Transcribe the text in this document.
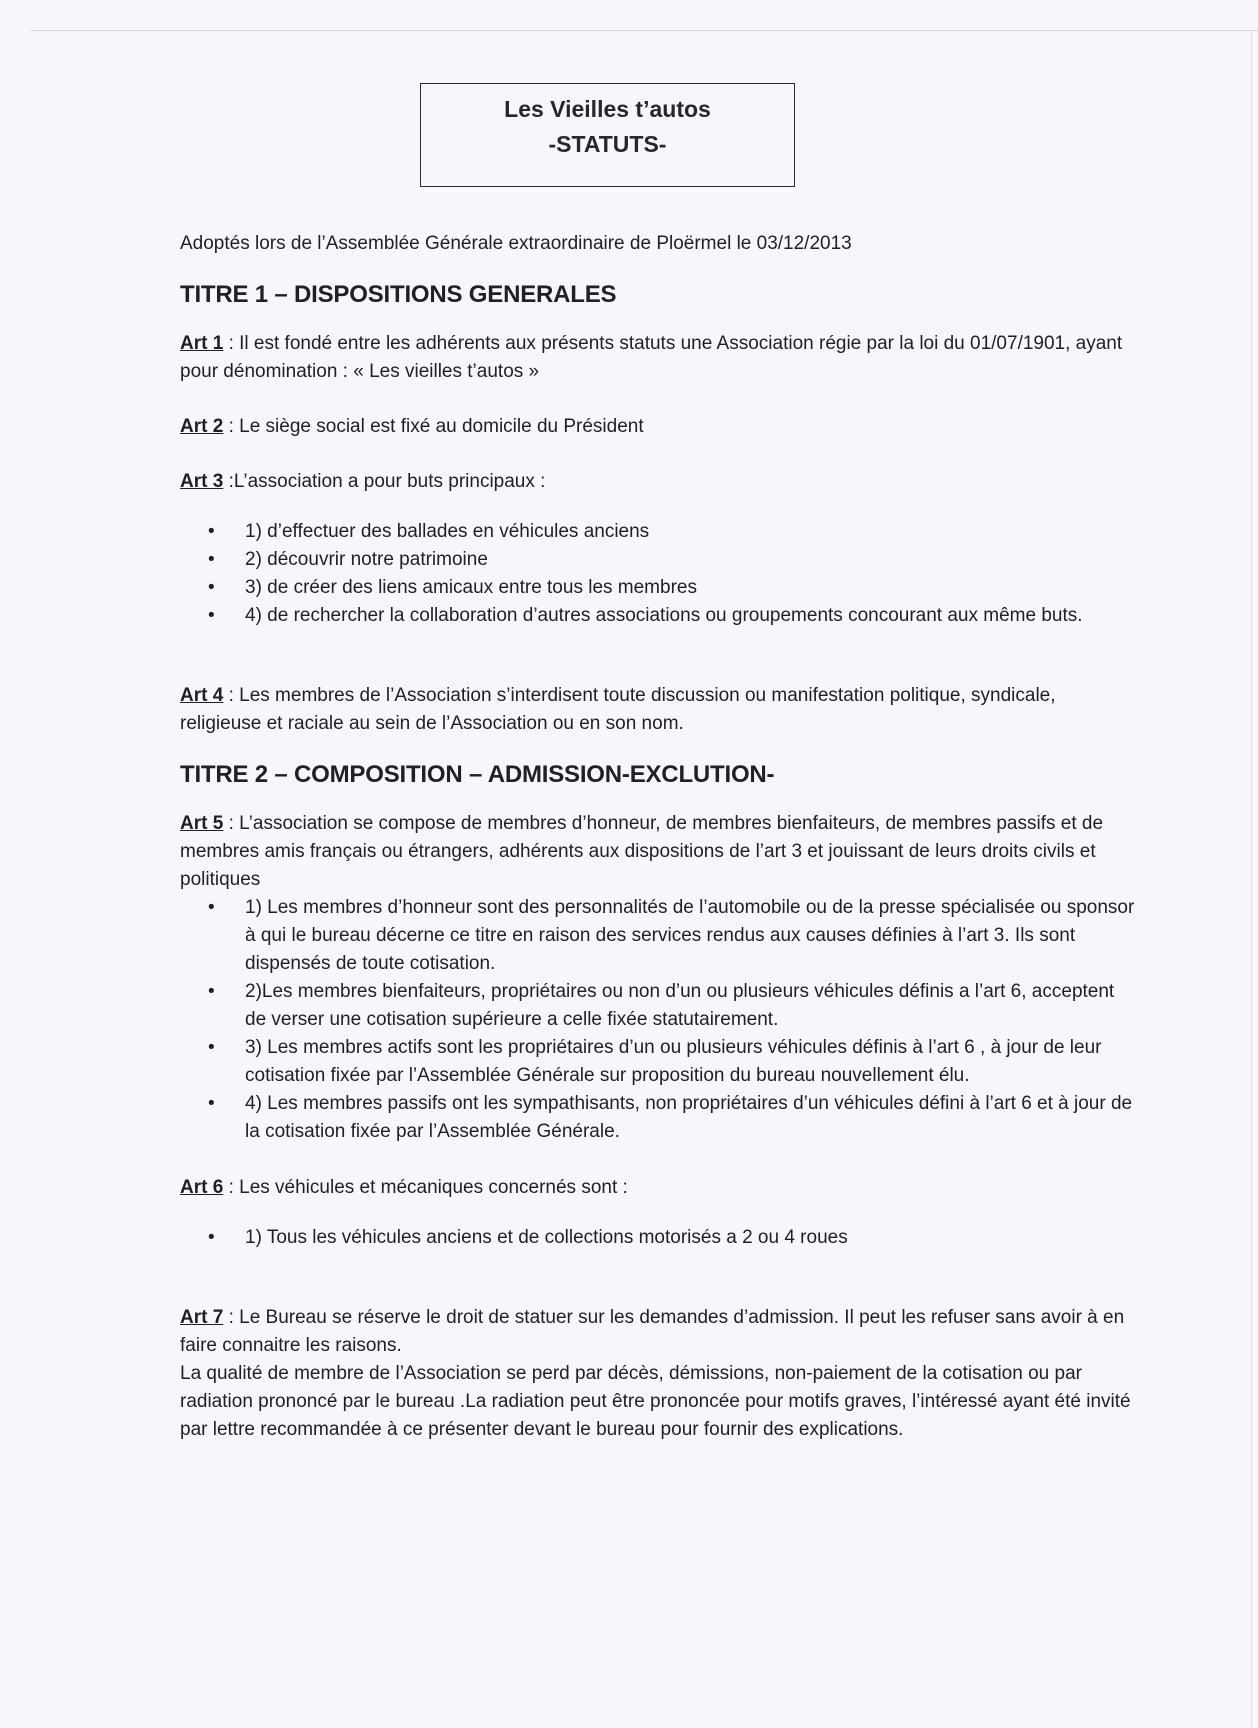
Les Vieilles t’autos
-STATUTS-

Adoptés lors de l’Assemblée Générale extraordinaire de Ploërmel le 03/12/2013

TITRE 1 – DISPOSITIONS GENERALES

Art 1 : Il est fondé entre les adhérents aux présents statuts une Association régie par la loi du 01/07/1901, ayant pour dénomination : « Les vieilles t’autos »

Art 2 : Le siège social est fixé au domicile du Président

Art 3 :L’association a pour buts principaux :

• 1) d’effectuer des ballades en véhicules anciens
• 2) découvrir notre patrimoine
• 3) de créer des liens amicaux entre tous les membres
• 4) de rechercher la collaboration d’autres associations ou groupements concourant aux même buts.

Art 4 : Les membres de l’Association s’interdisent toute discussion ou manifestation politique, syndicale, religieuse et raciale au sein de l’Association ou en son nom.

TITRE 2 – COMPOSITION – ADMISSION-EXCLUTION-

Art 5 : L’association se compose de membres d’honneur, de membres bienfaiteurs, de membres passifs et de membres amis français ou étrangers, adhérents aux dispositions de l’art 3 et jouissant de leurs droits civils et politiques

• 1) Les membres d’honneur sont des personnalités de l’automobile ou de la presse spécialisée ou sponsor à qui le bureau décerne ce titre en raison des services rendus aux causes définies à l’art 3. Ils sont dispensés de toute cotisation.
• 2)Les membres bienfaiteurs, propriétaires ou non d’un ou plusieurs véhicules définis a l’art 6, acceptent de verser une cotisation supérieure a celle fixée statutairement.
• 3) Les membres actifs sont les propriétaires d’un ou plusieurs véhicules définis à l’art 6 , à jour de leur cotisation fixée par l’Assemblée Générale sur proposition du bureau nouvellement élu.
• 4) Les membres passifs ont les sympathisants, non propriétaires d’un véhicules défini à l’art 6 et à jour de la cotisation fixée par l’Assemblée Générale.

Art 6 : Les véhicules et mécaniques concernés sont :

• 1) Tous les véhicules anciens et de collections motorisés a 2 ou 4 roues

Art 7 : Le Bureau se réserve le droit de statuer sur les demandes d’admission. Il peut les refuser sans avoir à en faire connaitre les raisons.

La qualité de membre de l’Association se perd par décès, démissions, non-paiement de la cotisation ou par radiation prononcé par le bureau .La radiation peut être prononcée pour motifs graves, l’intéressé ayant été invité par lettre recommandée à ce présenter devant le bureau pour fournir des explications.
